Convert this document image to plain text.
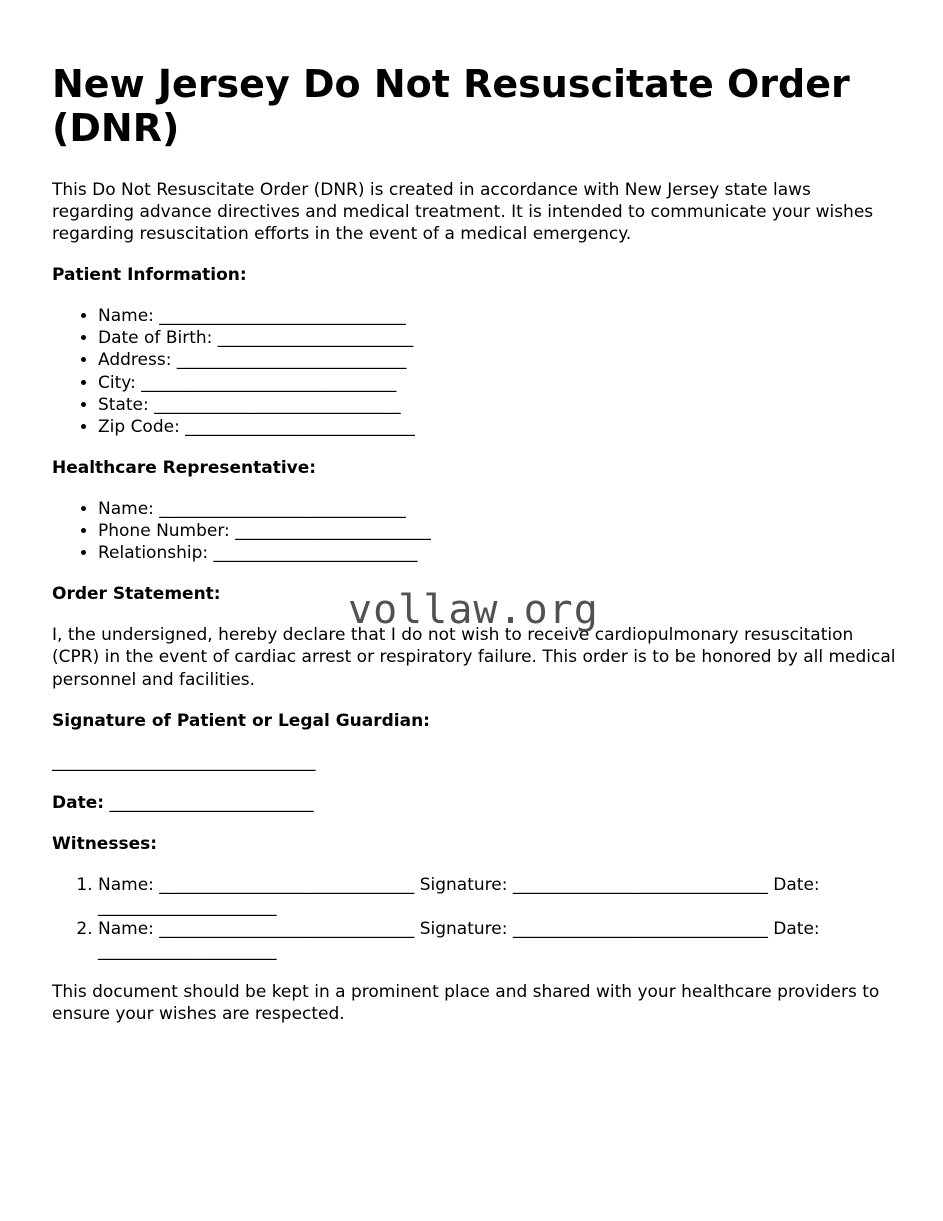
vollaw.org
New Jersey Do Not Resuscitate Order (DNR)

This Do Not Resuscitate Order (DNR) is created in accordance with New Jersey state laws regarding advance directives and medical treatment. It is intended to communicate your wishes regarding resuscitation efforts in the event of a medical emergency.

Patient Information:

• Name: _____________________________
• Date of Birth: _______________________
• Address: ___________________________
• City: ______________________________
• State: _____________________________
• Zip Code: ___________________________

Healthcare Representative:

• Name: _____________________________
• Phone Number: _______________________
• Relationship: ________________________

Order Statement:

I, the undersigned, hereby declare that I do not wish to receive cardiopulmonary resuscitation (CPR) in the event of cardiac arrest or respiratory failure. This order is to be honored by all medical personnel and facilities.

Signature of Patient or Legal Guardian:

_______________________________

Date: ________________________

Witnesses:

1. Name: ______________________________ Signature: ______________________________ Date: _____________________
2. Name: ______________________________ Signature: ______________________________ Date: _____________________

This document should be kept in a prominent place and shared with your healthcare providers to ensure your wishes are respected.
